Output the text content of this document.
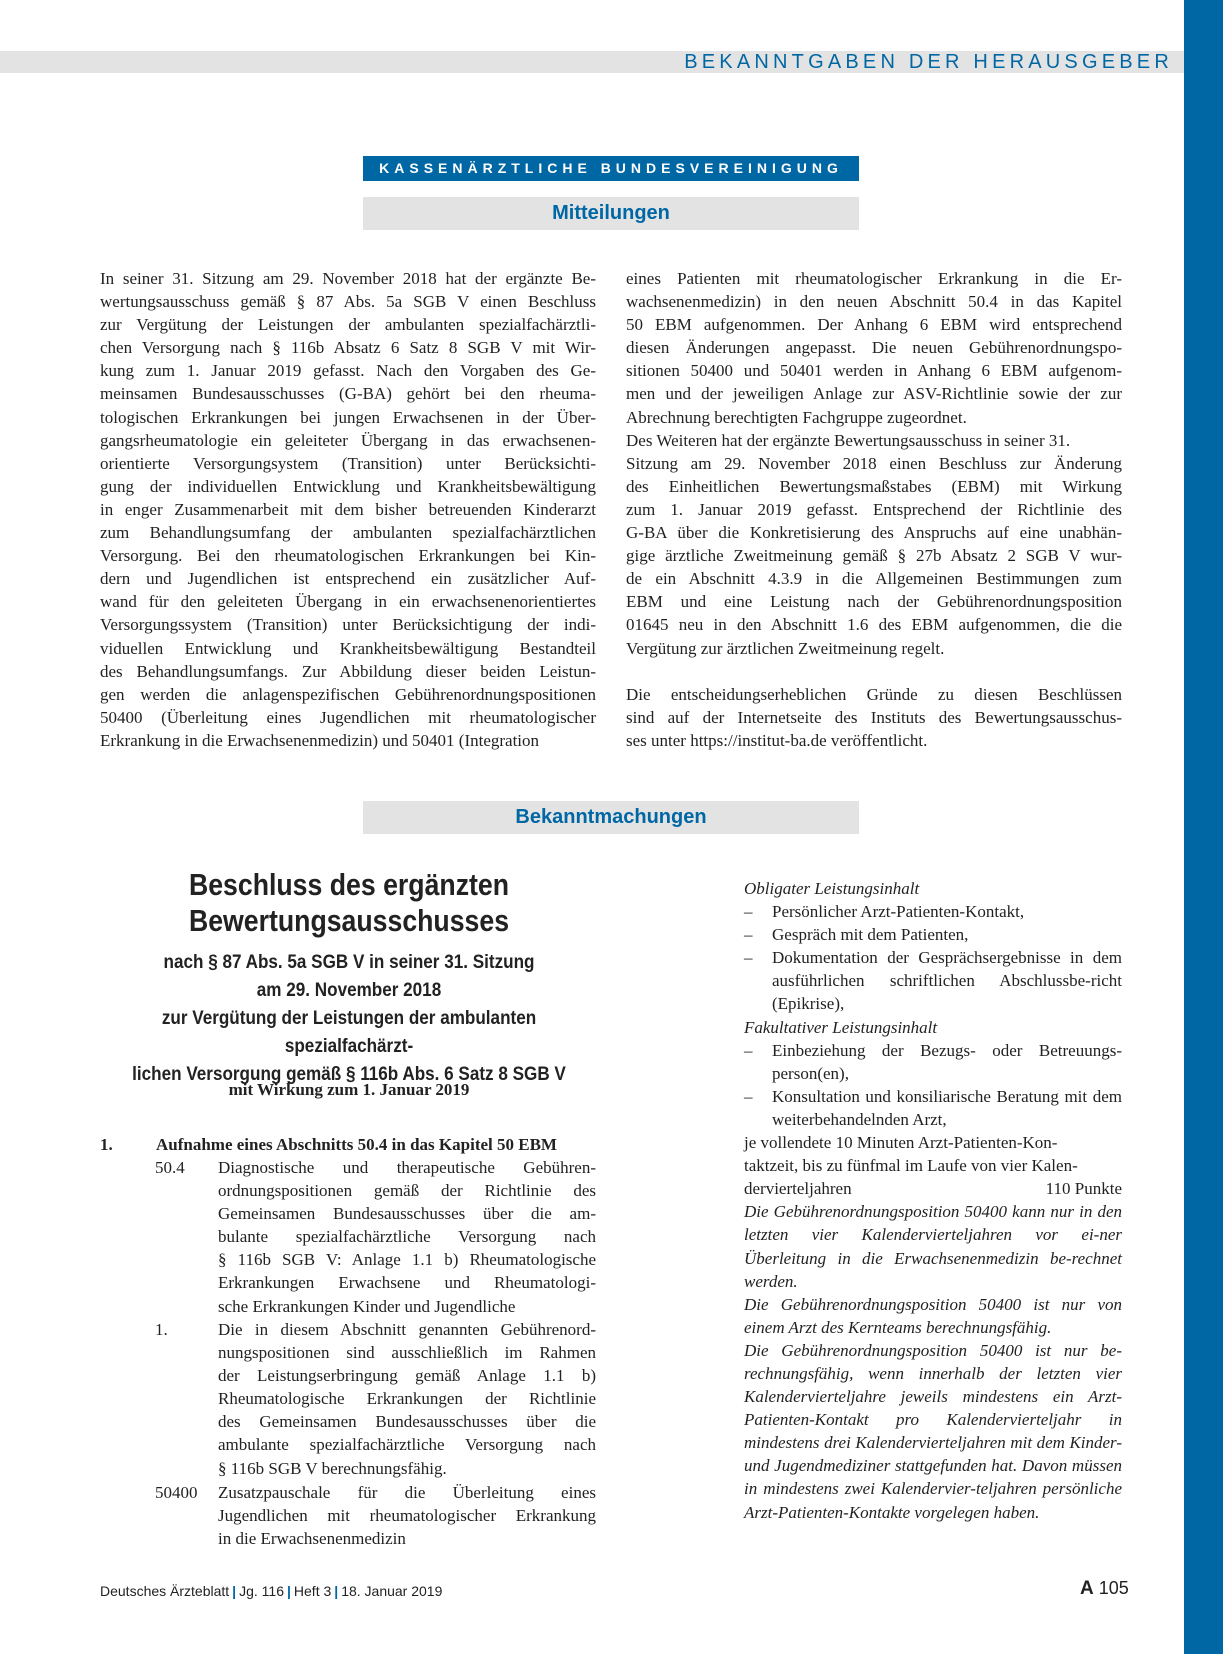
BEKANNTGABEN DER HERAUSGEBER
KASSENÄRZTLICHE BUNDESVEREINIGUNG
Mitteilungen
In seiner 31. Sitzung am 29. November 2018 hat der ergänzte Be-
wertungsausschuss gemäß § 87 Abs. 5a SGB V einen Beschluss
zur Vergütung der Leistungen der ambulanten spezialfachärztli-
chen Versorgung nach § 116b Absatz 6 Satz 8 SGB V mit Wir-
kung zum 1. Januar 2019 gefasst. Nach den Vorgaben des Ge-
meinsamen Bundesausschusses (G-BA) gehört bei den rheuma-
tologischen Erkrankungen bei jungen Erwachsenen in der Über-
gangsrheumatologie ein geleiteter Übergang in das erwachsenen-
orientierte Versorgungsystem (Transition) unter Berücksichti-
gung der individuellen Entwicklung und Krankheitsbewältigung
in enger Zusammenarbeit mit dem bisher betreuenden Kinderarzt
zum Behandlungsumfang der ambulanten spezialfachärztlichen
Versorgung. Bei den rheumatologischen Erkrankungen bei Kin-
dern und Jugendlichen ist entsprechend ein zusätzlicher Auf-
wand für den geleiteten Übergang in ein erwachsenenorientiertes
Versorgungssystem (Transition) unter Berücksichtigung der indi-
viduellen Entwicklung und Krankheitsbewältigung Bestandteil
des Behandlungsumfangs. Zur Abbildung dieser beiden Leistun-
gen werden die anlagenspezifischen Gebührenordnungspositionen
50400 (Überleitung eines Jugendlichen mit rheumatologischer
Erkrankung in die Erwachsenenmedizin) und 50401 (Integration
eines Patienten mit rheumatologischer Erkrankung in die Er-
wachsenenmedizin) in den neuen Abschnitt 50.4 in das Kapitel
50 EBM aufgenommen. Der Anhang 6 EBM wird entsprechend
diesen Änderungen angepasst. Die neuen Gebührenordnungspo-
sitionen 50400 und 50401 werden in Anhang 6 EBM aufgenom-
men und der jeweiligen Anlage zur ASV-Richtlinie sowie der zur
Abrechnung berechtigten Fachgruppe zugeordnet.
Des Weiteren hat der ergänzte Bewertungsausschuss in seiner 31.
Sitzung am 29. November 2018 einen Beschluss zur Änderung
des Einheitlichen Bewertungsmaßstabes (EBM) mit Wirkung
zum 1. Januar 2019 gefasst. Entsprechend der Richtlinie des
G-BA über die Konkretisierung des Anspruchs auf eine unabhän-
gige ärztliche Zweitmeinung gemäß § 27b Absatz 2 SGB V wur-
de ein Abschnitt 4.3.9 in die Allgemeinen Bestimmungen zum
EBM und eine Leistung nach der Gebührenordnungsposition
01645 neu in den Abschnitt 1.6 des EBM aufgenommen, die die
Vergütung zur ärztlichen Zweitmeinung regelt.

Die entscheidungserheblichen Gründe zu diesen Beschlüssen
sind auf der Internetseite des Instituts des Bewertungsausschus-
ses unter https://institut-ba.de veröffentlicht.
Bekanntmachungen

Beschluss des ergänzten

Bewertungsausschusses

nach § 87 Abs. 5a SGB V in seiner 31. Sitzung

am 29. November 2018

zur Vergütung der Leistungen der ambulanten spezialfachärzt-

lichen Versorgung gemäß § 116b Abs. 6 Satz 8 SGB V

mit Wirkung zum 1. Januar 2019
1.	Aufnahme eines Abschnitts 50.4 in das Kapitel 50 EBM
50.4 Diagnostische und therapeutische Gebühren-
ordnungspositionen gemäß der Richtlinie des
Gemeinsamen Bundesausschusses über die am-
bulante spezialfachärztliche Versorgung nach
§ 116b SGB V: Anlage 1.1 b) Rheumatologische
Erkrankungen Erwachsene und Rheumatologi-
sche Erkrankungen Kinder und Jugendliche
1.	Die in diesem Abschnitt genannten Gebührenord-
nungspositionen sind ausschließlich im Rahmen
der Leistungserbringung gemäß Anlage 1.1 b)
Rheumatologische Erkrankungen der Richtlinie
des Gemeinsamen Bundesausschusses über die
ambulante spezialfachärztliche Versorgung nach
§ 116b SGB V berechnungsfähig.
50400 Zusatzpauschale für die Überleitung eines
Jugendlichen mit rheumatologischer Erkrankung
in die Erwachsenenmedizin

Obligater Leistungsinhalt

–	Persönlicher Arzt-Patienten-Kontakt,
–	Gespräch mit dem Patienten,
–	Dokumentation der Gesprächsergebnisse in dem ausführlichen schriftlichen Abschlussbe-richt (Epikrise),

Fakultativer Leistungsinhalt

–	Einbeziehung der Bezugs- oder Betreuungs-person(en),
–	Konsultation und konsiliarische Beratung mit dem weiterbehandelnden Arzt,

je vollendete 10 Minuten Arzt-Patienten-Kon-

taktzeit, bis zu fünfmal im Laufe von vier Kalen-

dervierteljahren	110 Punkte

Die Gebührenordnungsposition 50400 kann nur in den letzten vier Kalendervierteljahren vor ei-ner Überleitung in die Erwachsenenmedizin be-rechnet werden.

Die Gebührenordnungsposition 50400 ist nur von einem Arzt des Kernteams berechnungsfähig.

Die Gebührenordnungsposition 50400 ist nur be-rechnungsfähig, wenn innerhalb der letzten vier Kalendervierteljahre jeweils mindestens ein Arzt-Patienten-Kontakt pro Kalendervierteljahr in mindestens drei Kalendervierteljahren mit dem Kinder- und Jugendmediziner stattgefunden hat. Davon müssen in mindestens zwei Kalendervier-teljahren persönliche Arzt-Patienten-Kontakte vorgelegen haben.

Deutsches Ärzteblatt | Jg. 116 | Heft 3 | 18. Januar 2019	A 105
